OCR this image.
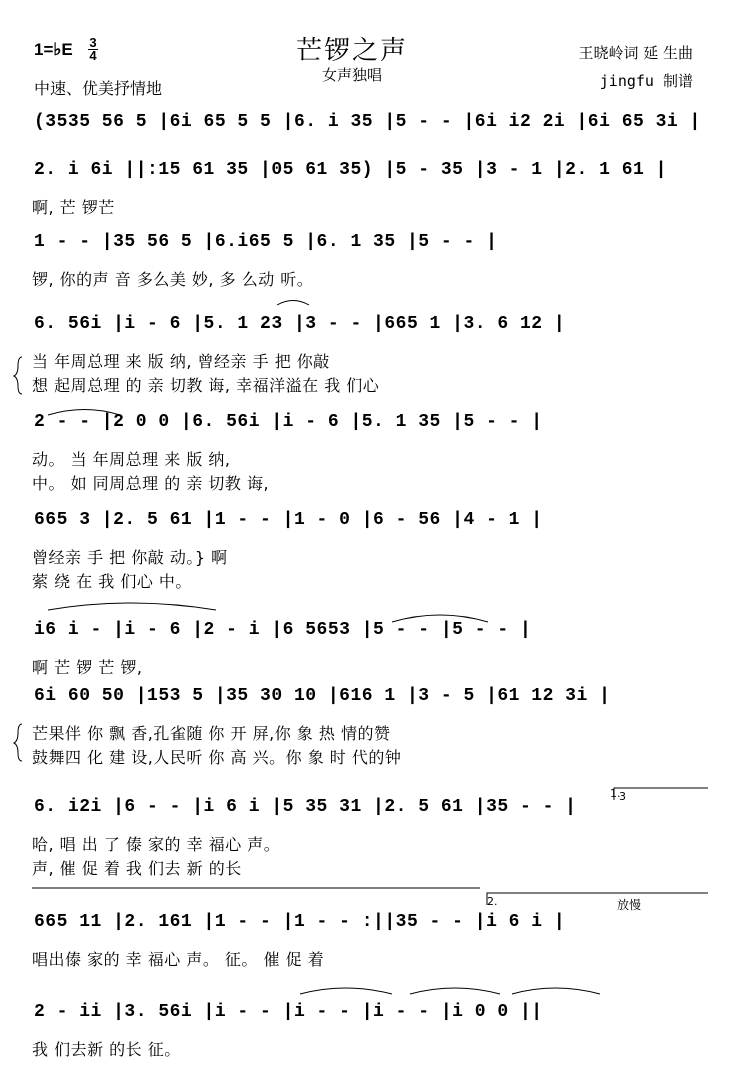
芒锣之声
女声独唱
1=♭E 3
4
中速、优美抒情地
王晓岭词 延 生曲
jingfu 制谱
(3535 56 5 |6i 65 5 5 |6. i 35 |5 - - |6i i2 2i |6i 65 3i |
2. i 6i ||:15 61 35 |05 61 35) |5 - 35 |3 - 1 |2. 1 61 |
啊, 芒 锣芒
1 - - |35 56 5 |6.i65 5 |6. 1 35 |5 - - |
锣, 你的声 音 多么美 妙, 多 么动 听。
6. 56i |i - 6 |5. 1 23 |3 - - |665 1 |3. 6 12 |
当 年周总理 来 版 纳, 曾经亲 手 把 你敲
想 起周总理 的 亲 切教 诲, 幸福洋溢在 我 们心
2 - - |2 0 0 |6. 56i |i - 6 |5. 1 35 |5 - - |
动。 当 年周总理 来 版 纳,
中。 如 同周总理 的 亲 切教 诲,
665 3 |2. 5 61 |1 - - |1 - 0 |6 - 56 |4 - 1 |
曾经亲 手 把 你敲 动。} 啊
萦 绕 在 我 们心 中。
i6 i - |i - 6 |2 - i |6 5653 |5 - - |5 - - |
啊 芒 锣 芒 锣,
6i 60 50 |153 5 |35 30 10 |616 1 |3 - 5 |61 12 3i |
芒果伴 你 飘 香,孔雀随 你 开 屏,你 象 热 情的赞
鼓舞四 化 建 设,人民听 你 高 兴。你 象 时 代的钟
6. i2i |6 - - |i 6 i |5 35 31 |2. 5 61 |35 - - |
哈, 唱 出 了 傣 家的 幸 福心 声。
声, 催 促 着 我 们去 新 的长
665 11 |2. 161 |1 - - |1 - - :||35 - - |i 6 i |
唱出傣 家的 幸 福心 声。 征。 催 促 着
2 - ii |3. 56i |i - - |i - - |i - - |i 0 0 ||
我 们去新 的长 征。
1.
2.	放慢
3
